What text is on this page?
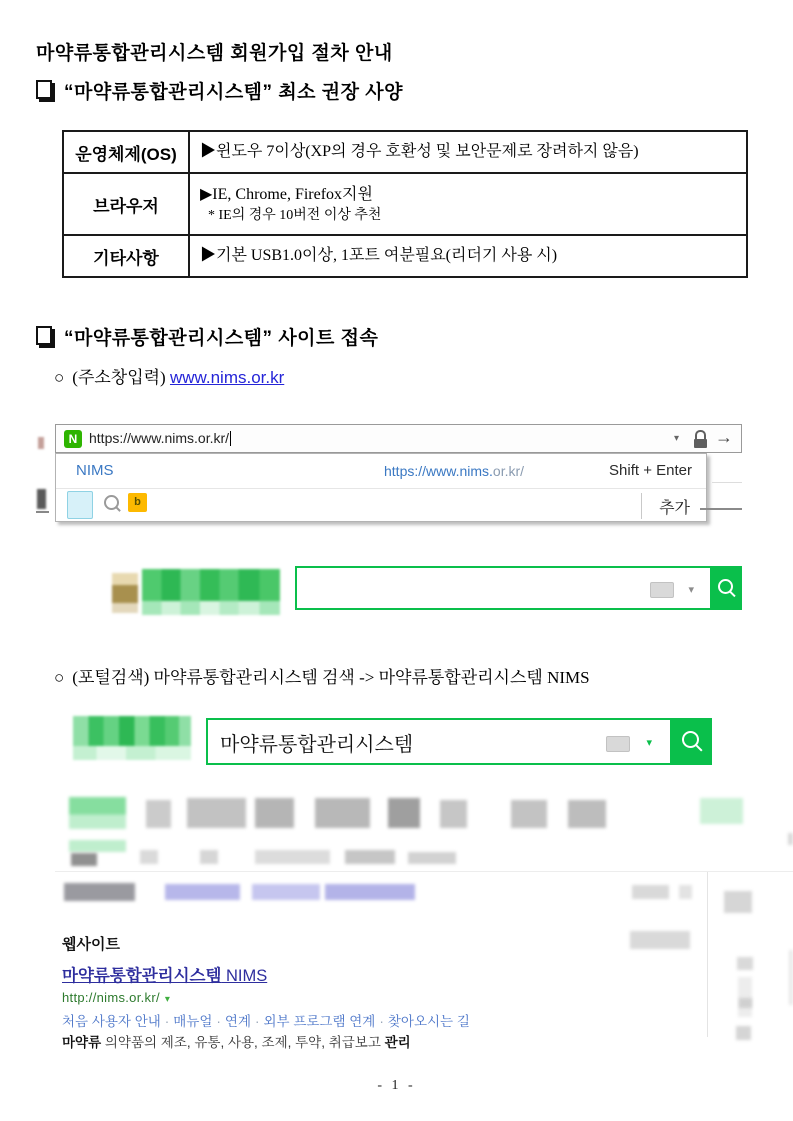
마약류통합관리시스템 회원가입 절차 안내
“마약류통합관리시스템” 최소 권장 사양
운영체제(OS)	▶윈도우 7이상(XP의 경우 호환성 및 보안문제로 장려하지 않음)

브라우저	▶IE, Chrome, Firefox지원
* IE의 경우 10버전 이상 추천

기타사항	▶기본 USB1.0이상, 1포트 여분필요(리더기 사용 시)
“마약류통합관리시스템” 사이트 접속
○ (주소창입력) www.nims.or.kr
N https://www.nims.or.kr/	▾ →
NIMS	https://www.nims.or.kr/	Shift + Enter
b	추가
▾
○ (포털검색) 마약류통합관리시스템 검색 -> 마약류통합관리시스템 NIMS
마약류통합관리시스템
▾
웹사이트
마약류통합관리시스템 NIMS
http://nims.or.kr/ ▾
처음 사용자 안내 · 매뉴얼 · 연계 · 외부 프로그램 연계 · 찾아오시는 길
마약류 의약품의 제조, 유통, 사용, 조제, 투약, 취급보고 관리
- 1 -
